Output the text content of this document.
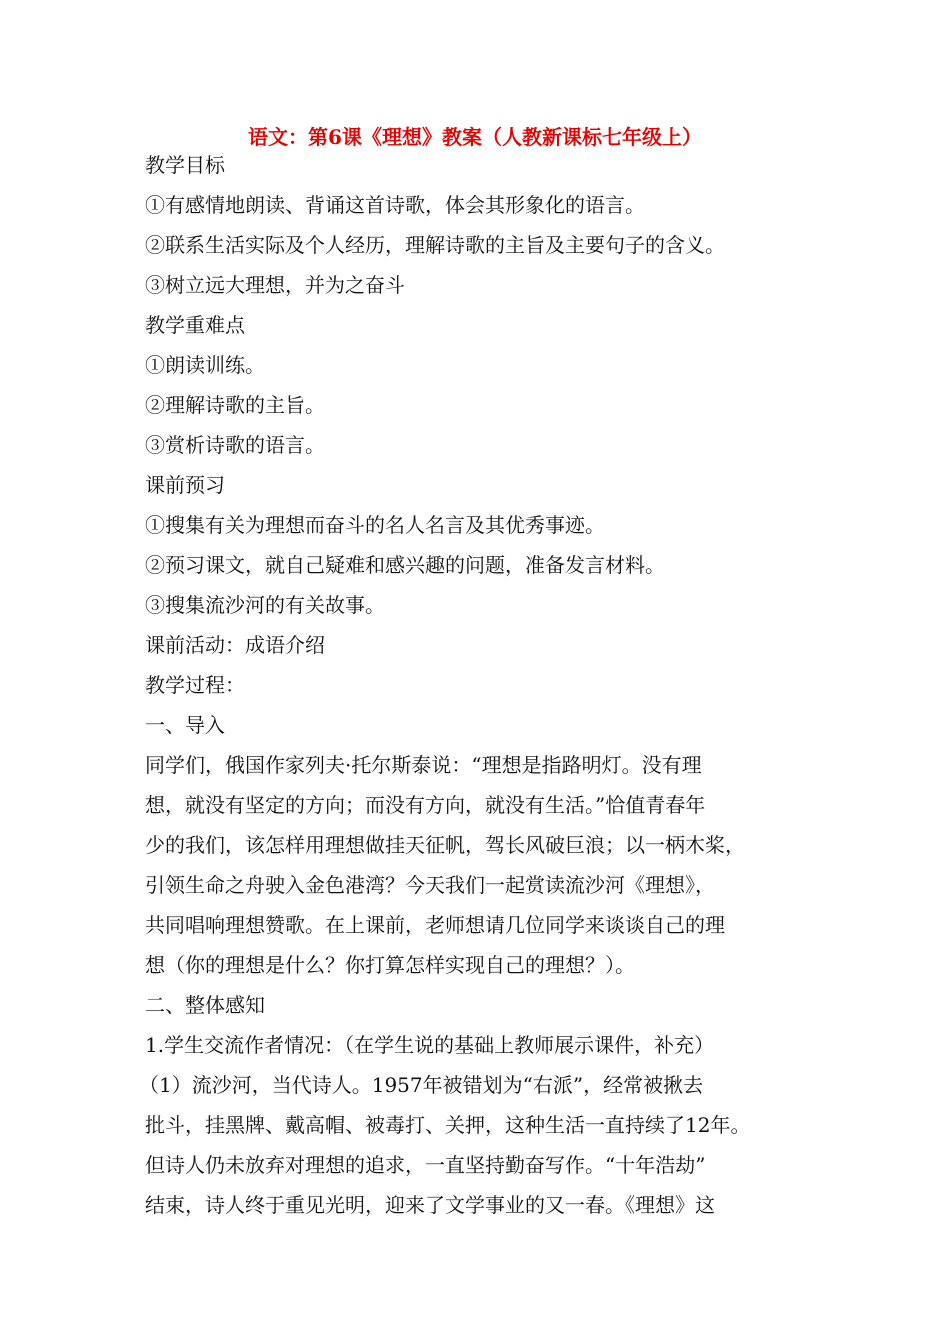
语文：第6课《理想》教案（人教新课标七年级上）
教学目标
①有感情地朗读、背诵这首诗歌，体会其形象化的语言。
②联系生活实际及个人经历，理解诗歌的主旨及主要句子的含义。
③树立远大理想，并为之奋斗
教学重难点
①朗读训练。
②理解诗歌的主旨。
③赏析诗歌的语言。
课前预习
①搜集有关为理想而奋斗的名人名言及其优秀事迹。
②预习课文，就自己疑难和感兴趣的问题，准备发言材料。
③搜集流沙河的有关故事。
课前活动：成语介绍
教学过程：
一、导入
同学们，俄国作家列夫·托尔斯泰说：“理想是指路明灯。没有理
想，就没有坚定的方向；而没有方向，就没有生活。”恰值青春年
少的我们，该怎样用理想做挂天征帆，驾长风破巨浪；以一柄木桨，
引领生命之舟驶入金色港湾？今天我们一起赏读流沙河《理想》，
共同唱响理想赞歌。在上课前，老师想请几位同学来谈谈自己的理
想（你的理想是什么？你打算怎样实现自己的理想？）。
二、整体感知
1.学生交流作者情况：（在学生说的基础上教师展示课件，补充）
（1）流沙河，当代诗人。1957年被错划为“右派”，经常被揪去
批斗，挂黑牌、戴高帽、被毒打、关押，这种生活一直持续了12年。
但诗人仍未放弃对理想的追求，一直坚持勤奋写作。“十年浩劫”
结束，诗人终于重见光明，迎来了文学事业的又一春。《理想》这
